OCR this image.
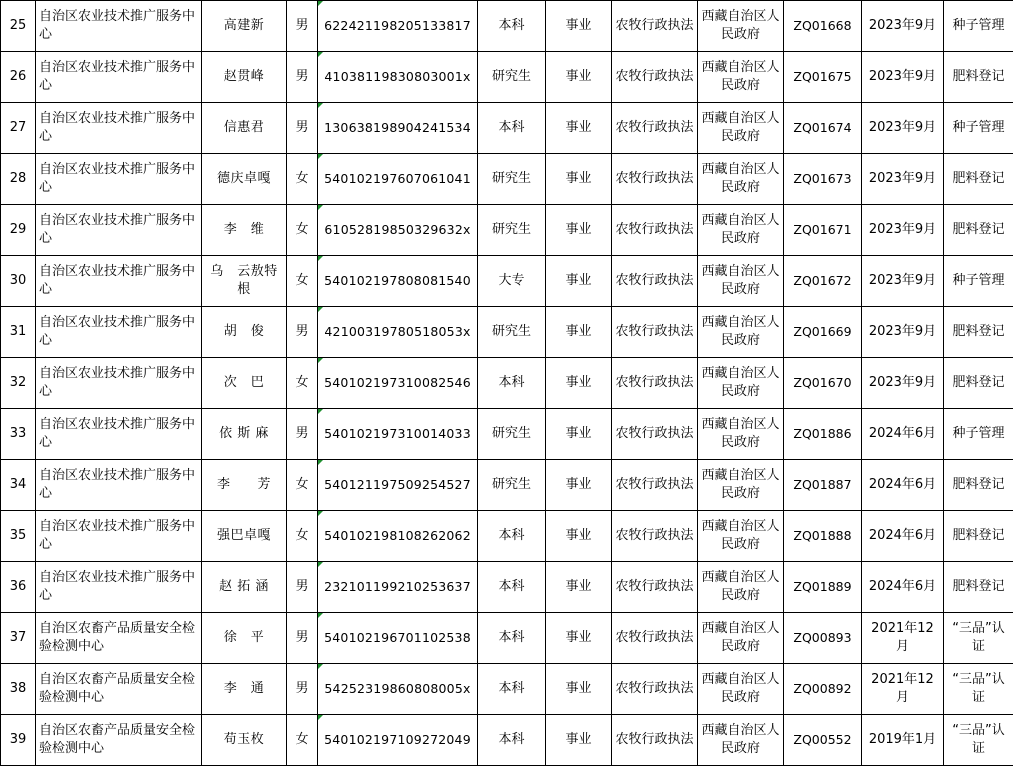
25	自治区农业技术推广服务中心	高建新	男	622421198205133817	本科	事业	农牧行政执法	西藏自治区人民政府	ZQ01668	2023年9月	种子管理
26	自治区农业技术推广服务中心	赵贯峰	男	41038119830803001x	研究生	事业	农牧行政执法	西藏自治区人民政府	ZQ01675	2023年9月	肥料登记
27	自治区农业技术推广服务中心	信惠君	男	130638198904241534	本科	事业	农牧行政执法	西藏自治区人民政府	ZQ01674	2023年9月	种子管理
28	自治区农业技术推广服务中心	德庆卓嘎	女	540102197607061041	研究生	事业	农牧行政执法	西藏自治区人民政府	ZQ01673	2023年9月	肥料登记
29	自治区农业技术推广服务中心	李　维	女	61052819850329632x	研究生	事业	农牧行政执法	西藏自治区人民政府	ZQ01671	2023年9月	肥料登记
30	自治区农业技术推广服务中心	乌　云敖特根	女	540102197808081540	大专	事业	农牧行政执法	西藏自治区人民政府	ZQ01672	2023年9月	种子管理
31	自治区农业技术推广服务中心	胡　俊	男	42100319780518053x	研究生	事业	农牧行政执法	西藏自治区人民政府	ZQ01669	2023年9月	肥料登记
32	自治区农业技术推广服务中心	次　巴	女	540102197310082546	本科	事业	农牧行政执法	西藏自治区人民政府	ZQ01670	2023年9月	肥料登记
33	自治区农业技术推广服务中心	依 斯 麻	男	540102197310014033	研究生	事业	农牧行政执法	西藏自治区人民政府	ZQ01886	2024年6月	种子管理
34	自治区农业技术推广服务中心	李　　芳	女	540121197509254527	研究生	事业	农牧行政执法	西藏自治区人民政府	ZQ01887	2024年6月	肥料登记
35	自治区农业技术推广服务中心	强巴卓嘎	女	540102198108262062	本科	事业	农牧行政执法	西藏自治区人民政府	ZQ01888	2024年6月	肥料登记
36	自治区农业技术推广服务中心	赵 拓 涵	男	232101199210253637	本科	事业	农牧行政执法	西藏自治区人民政府	ZQ01889	2024年6月	肥料登记
37	自治区农畜产品质量安全检验检测中心	徐　平	男	540102196701102538	本科	事业	农牧行政执法	西藏自治区人民政府	ZQ00893	2021年12月	“三品”认证
38	自治区农畜产品质量安全检验检测中心	李　通	男	54252319860808005x	本科	事业	农牧行政执法	西藏自治区人民政府	ZQ00892	2021年12月	“三品”认证
39	自治区农畜产品质量安全检验检测中心	苟玉枚	女	540102197109272049	本科	事业	农牧行政执法	西藏自治区人民政府	ZQ00552	2019年1月	“三品”认证
